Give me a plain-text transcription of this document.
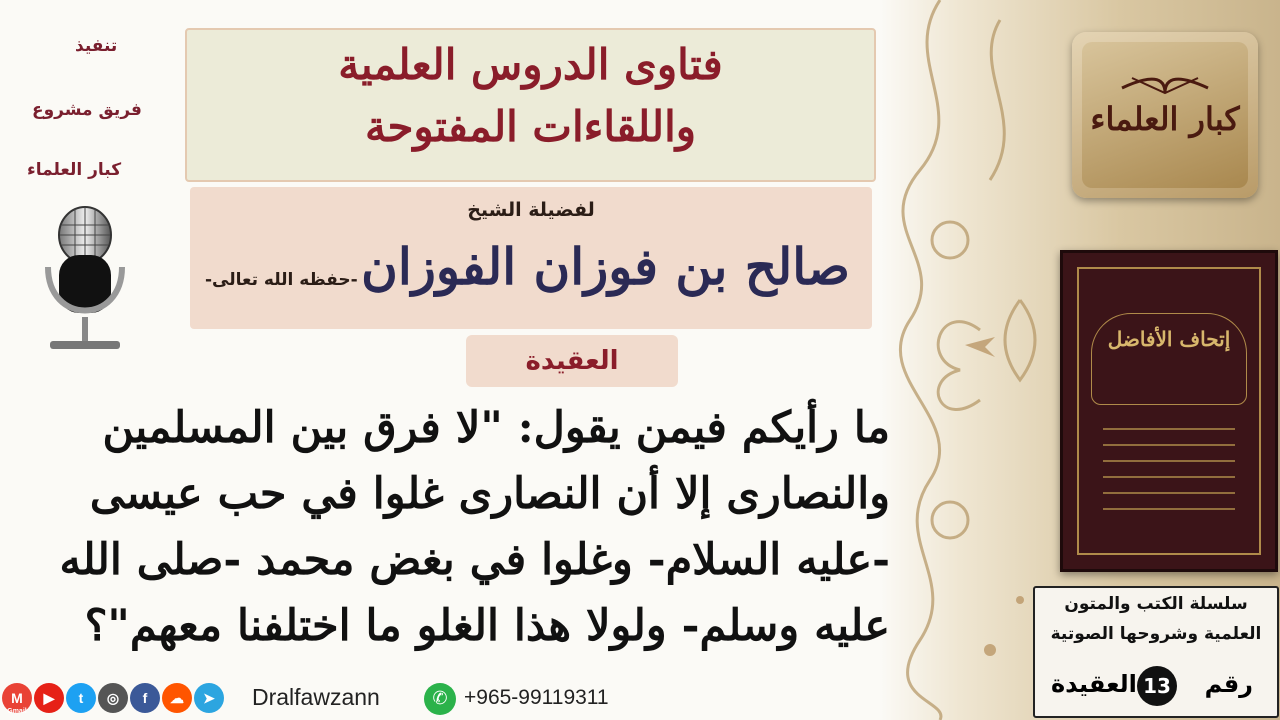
تنفيذ
فريق مشروع
كبار العلماء
فتاوى الدروس العلمية
واللقاءات المفتوحة
لفضيلة الشيخ
صالح بن فوزان الفوزان
-حفظه الله تعالى-
العقيدة
ما رأيكم فيمن يقول: "لا فرق بين المسلمين
والنصارى إلا أن النصارى غلوا في حب عيسى
-عليه السلام- وغلوا في بغض محمد -صلى الله
عليه وسلم- ولولا هذا الغلو ما اختلفنا معهم"؟
كبار العلماء
إتحاف الأفاضل
سلسلة الكتب والمتون
العلمية وشروحها الصوتية
رقم
13
العقيدة
M
Gmail
▶	t	◎	f	☁	➤	Dralfawzann	✆ +965-99119311
